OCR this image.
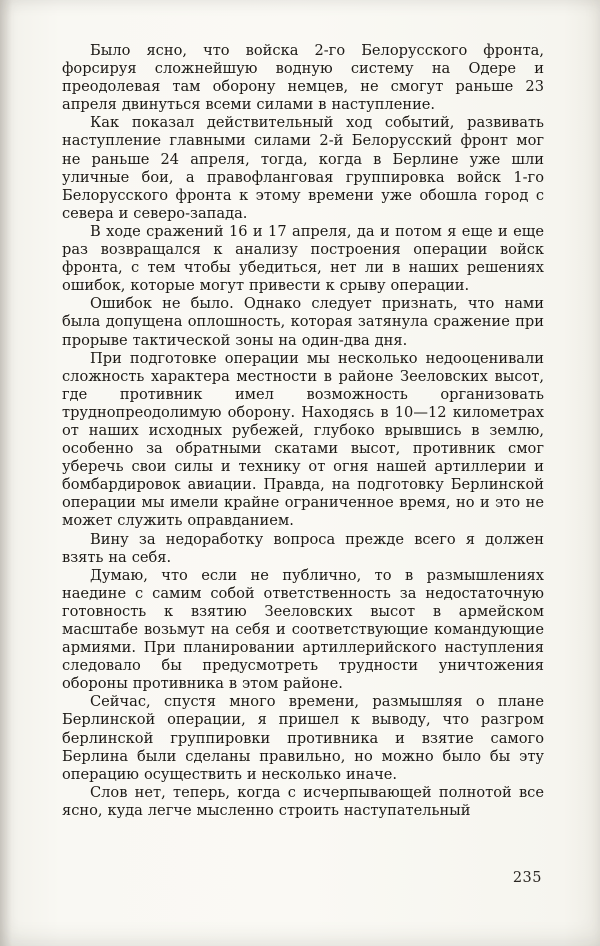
Было ясно, что войска 2-го Белорусского фронта, форсируя сложнейшую водную систему на Одере и преодолевая там оборону немцев, не смогут раньше 23 апреля двинуться всеми силами в наступление.

Как показал действительный ход событий, развивать наступление главными силами 2-й Белорусский фронт мог не раньше 24 апреля, тогда, когда в Берлине уже шли уличные бои, а правофланговая группировка войск 1-го Белорусского фронта к этому времени уже обошла город с севера и северо-запада.

В ходе сражений 16 и 17 апреля, да и потом я еще и еще раз возвращался к анализу построения операции войск фронта, с тем чтобы убедиться, нет ли в наших решениях ошибок, которые могут привести к срыву операции.

Ошибок не было. Однако следует признать, что нами была допущена оплошность, которая затянула сражение при прорыве тактической зоны на один-два дня.

При подготовке операции мы несколько недооценивали сложность характера местности в районе Зееловских высот, где противник имел возможность организовать труднопреодолимую оборону. Находясь в 10—12 километрах от наших исходных рубежей, глубоко врывшись в землю, особенно за обратными скатами высот, противник смог уберечь свои силы и технику от огня нашей артиллерии и бомбардировок авиации. Правда, на подготовку Берлинской операции мы имели крайне ограниченное время, но и это не может служить оправданием.

Вину за недоработку вопроса прежде всего я должен взять на себя.

Думаю, что если не публично, то в размышлениях наедине с самим собой ответственность за недостаточную готовность к взятию Зееловских высот в армейском масштабе возьмут на себя и соответствующие командующие армиями. При планировании артиллерийского наступления следовало бы предусмотреть трудности уничтожения обороны противника в этом районе.

Сейчас, спустя много времени, размышляя о плане Берлинской операции, я пришел к выводу, что разгром берлинской группировки противника и взятие самого Берлина были сделаны правильно, но можно было бы эту операцию осуществить и несколько иначе.

Слов нет, теперь, когда с исчерпывающей полнотой все ясно, куда легче мысленно строить наступательный

235
